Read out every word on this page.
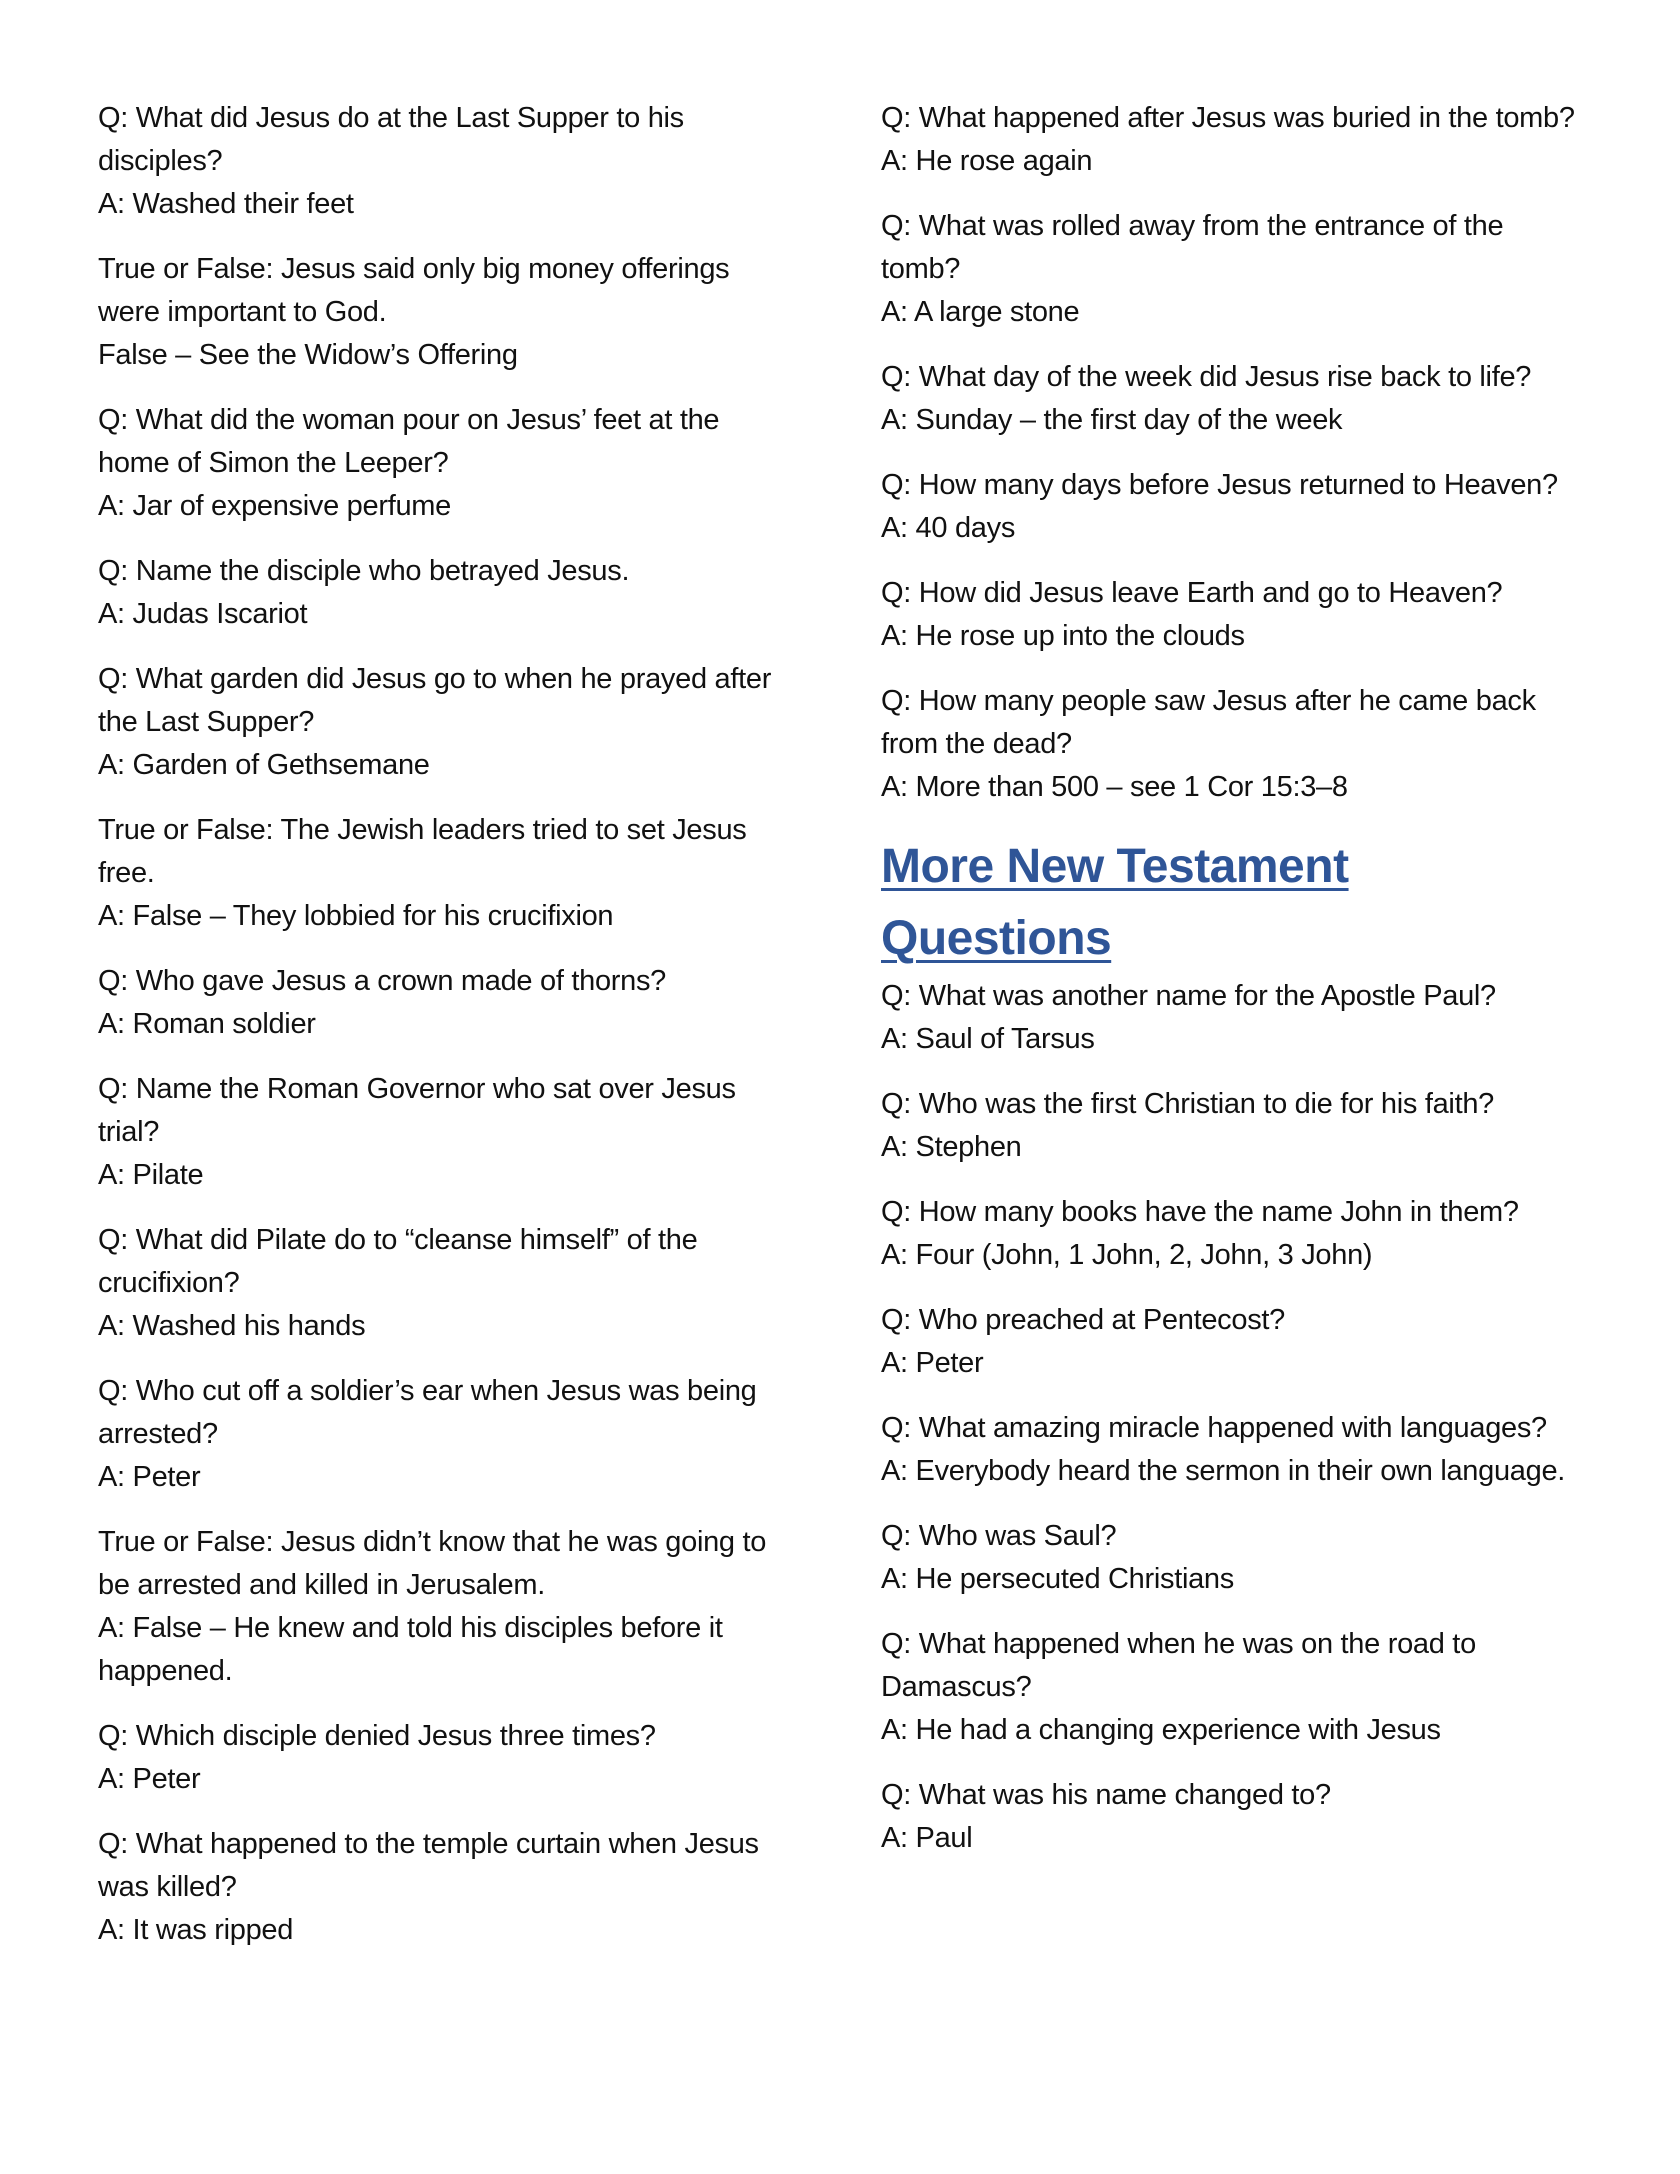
Q: What did Jesus do at the Last Supper to his disciples?

A: Washed their feet

True or False: Jesus said only big money offerings were important to God.

False – See the Widow’s Offering

Q: What did the woman pour on Jesus’ feet at the home of Simon the Leeper?

A: Jar of expensive perfume

Q: Name the disciple who betrayed Jesus.

A: Judas Iscariot

Q: What garden did Jesus go to when he prayed after the Last Supper?

A: Garden of Gethsemane

True or False: The Jewish leaders tried to set Jesus free.

A: False – They lobbied for his crucifixion

Q: Who gave Jesus a crown made of thorns?

A: Roman soldier

Q: Name the Roman Governor who sat over Jesus trial?

A: Pilate

Q: What did Pilate do to “cleanse himself” of the crucifixion?

A: Washed his hands

Q: Who cut off a soldier’s ear when Jesus was being arrested?

A: Peter

True or False: Jesus didn’t know that he was going to be arrested and killed in Jerusalem.

A: False – He knew and told his disciples before it happened.

Q: Which disciple denied Jesus three times?

A: Peter

Q: What happened to the temple curtain when Jesus was killed?

A: It was ripped

Q: What happened after Jesus was buried in the tomb?

A: He rose again

Q: What was rolled away from the entrance of the tomb?

A: A large stone

Q: What day of the week did Jesus rise back to life?

A: Sunday – the first day of the week

Q: How many days before Jesus returned to Heaven?

A: 40 days

Q: How did Jesus leave Earth and go to Heaven?

A: He rose up into the clouds

Q: How many people saw Jesus after he came back from the dead?

A: More than 500 – see 1 Cor 15:3–8

More New Testament Questions

Q: What was another name for the Apostle Paul?

A: Saul of Tarsus

Q: Who was the first Christian to die for his faith?

A: Stephen

Q: How many books have the name John in them?

A: Four (John, 1 John, 2, John, 3 John)

Q: Who preached at Pentecost?

A: Peter

Q: What amazing miracle happened with languages?

A: Everybody heard the sermon in their own language.

Q: Who was Saul?

A: He persecuted Christians

Q: What happened when he was on the road to Damascus?

A: He had a changing experience with Jesus

Q: What was his name changed to?

A: Paul
